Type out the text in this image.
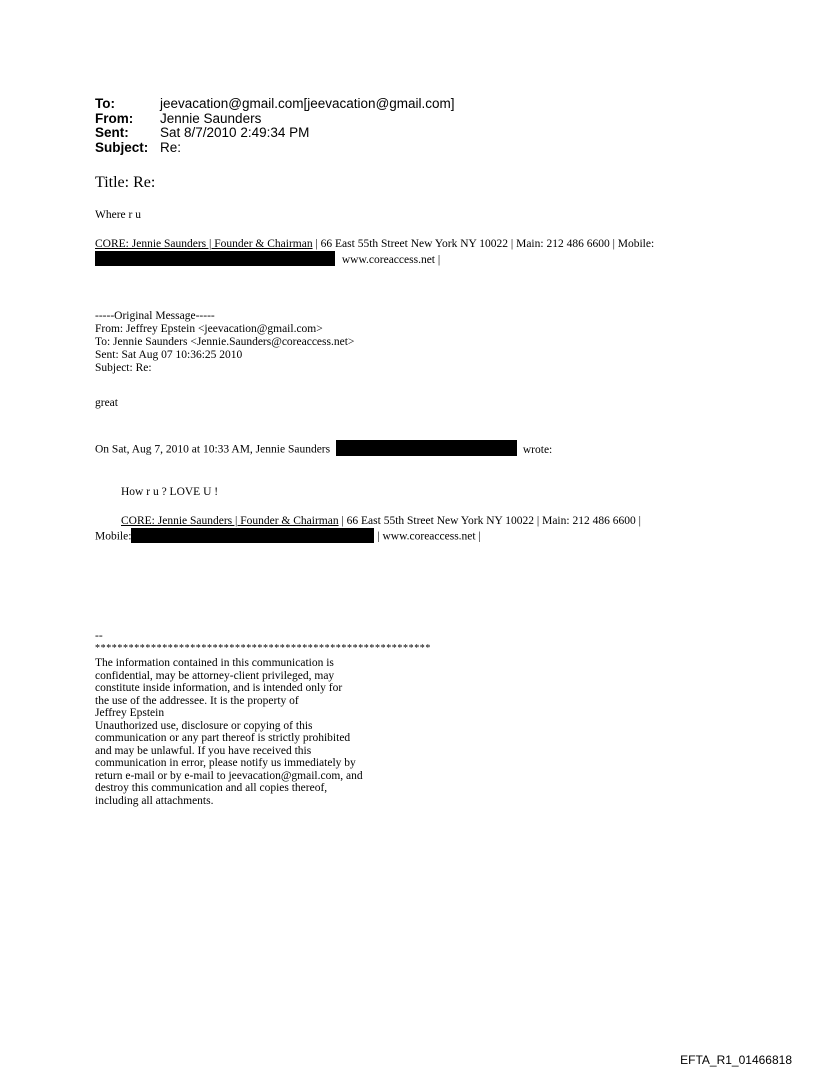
To:	jeevacation@gmail.com[jeevacation@gmail.com]
From:	Jennie Saunders
Sent:	Sat 8/7/2010 2:49:34 PM
Subject: Re:
Title: Re:
Where r u
CORE: Jennie Saunders | Founder & Chairman | 66 East 55th Street New York NY 10022 | Main: 212 486 6600 | Mobile:
www.coreaccess.net |
-----Original Message-----
From: Jeffrey Epstein <jeevacation@gmail.com>
To: Jennie Saunders <Jennie.Saunders@coreaccess.net>
Sent: Sat Aug 07 10:36:25 2010
Subject: Re:
great
On Sat, Aug 7, 2010 at 10:33 AM, Jennie Saunders	wrote:
How r u ? LOVE U !
CORE: Jennie Saunders | Founder & Chairman | 66 East 55th Street New York NY 10022 | Main: 212 486 6600 |
Mobile:	| www.coreaccess.net |
--
************************************************************
The information contained in this communication is
confidential, may be attorney-client privileged, may
constitute inside information, and is intended only for
the use of the addressee. It is the property of
Jeffrey Epstein
Unauthorized use, disclosure or copying of this
communication or any part thereof is strictly prohibited
and may be unlawful. If you have received this
communication in error, please notify us immediately by
return e-mail or by e-mail to jeevacation@gmail.com, and
destroy this communication and all copies thereof,
including all attachments.
EFTA_R1_01466818
